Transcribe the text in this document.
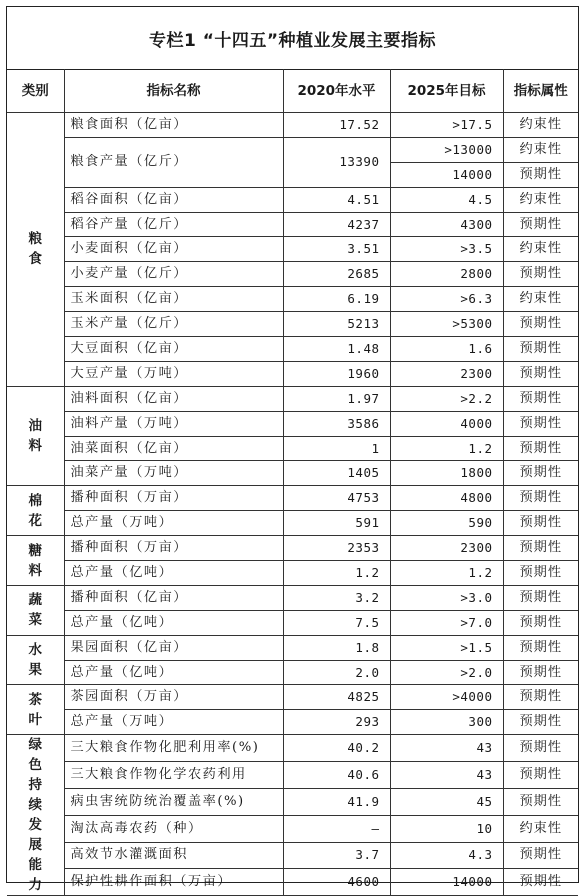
专栏1 “十四五”种植业发展主要指标
类别	指标名称	2020年水平	2025年目标	指标属性
粮食	粮食面积（亿亩）	17.52	>17.5	约束性
	粮食产量（亿斤）	13390	>13000	约束性
			14000	预期性
	稻谷面积（亿亩）	4.51	4.5	约束性
	稻谷产量（亿斤）	4237	4300	预期性
	小麦面积（亿亩）	3.51	>3.5	约束性
	小麦产量（亿斤）	2685	2800	预期性
	玉米面积（亿亩）	6.19	>6.3	约束性
	玉米产量（亿斤）	5213	>5300	预期性
	大豆面积（亿亩）	1.48	1.6	预期性
	大豆产量（万吨）	1960	2300	预期性
油料	油料面积（亿亩）	1.97	>2.2	预期性
	油料产量（万吨）	3586	4000	预期性
	油菜面积（亿亩）	1	1.2	预期性
	油菜产量（万吨）	1405	1800	预期性
棉花	播种面积（万亩）	4753	4800	预期性
	总产量（万吨）	591	590	预期性
糖料	播种面积（万亩）	2353	2300	预期性
	总产量（亿吨）	1.2	1.2	预期性
蔬菜	播种面积（亿亩）	3.2	>3.0	预期性
	总产量（亿吨）	7.5	>7.0	预期性
水果	果园面积（亿亩）	1.8	>1.5	预期性
	总产量（亿吨）	2.0	>2.0	预期性
茶叶	茶园面积（万亩）	4825	>4000	预期性
	总产量（万吨）	293	300	预期性
绿色持续发展能力	三大粮食作物化肥利用率(%)	40.2	43	预期性
	三大粮食作物化学农药利用	40.6	43	预期性
	病虫害统防统治覆盖率(%)	41.9	45	预期性
	淘汰高毒农药（种）	—	10	约束性
	高效节水灌溉面积	3.7	4.3	预期性
	保护性耕作面积（万亩）	4600	14000	预期性
